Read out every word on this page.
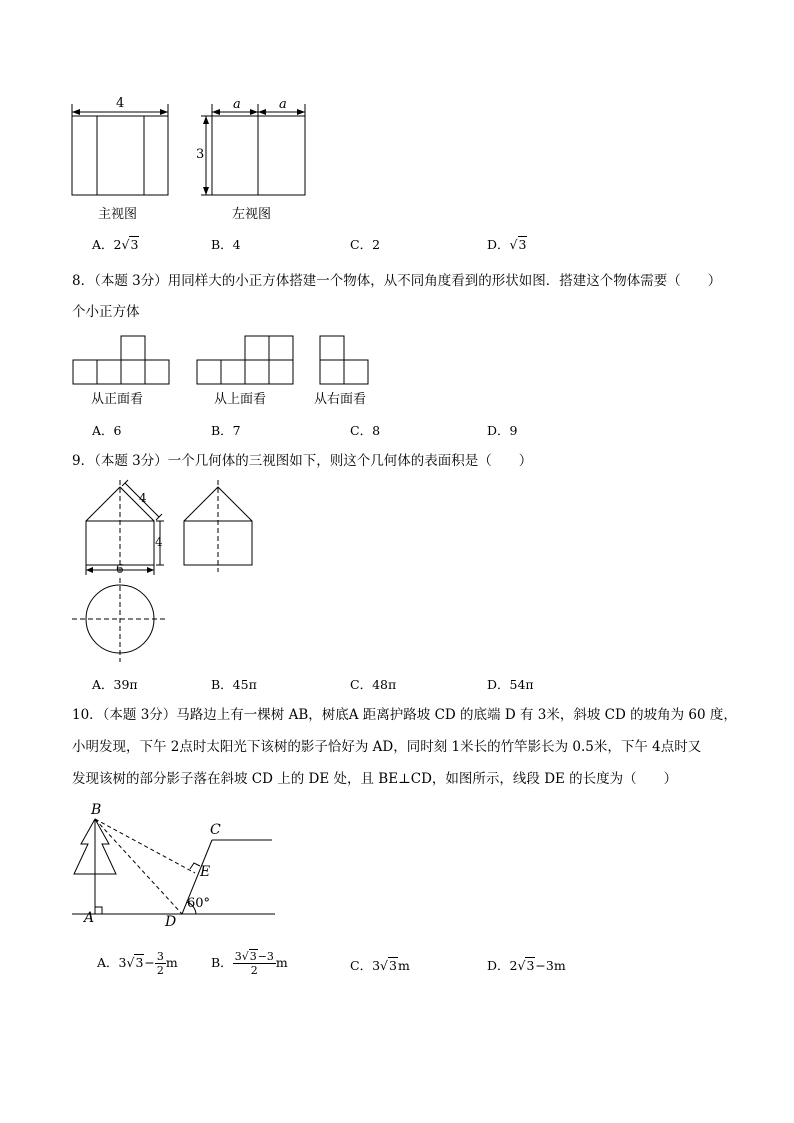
4	a	a
3
主视图	左视图
A．2√3	B．4	C．2	D．√3
8．（本题 3分）用同样大的小正方体搭建一个物体，从不同角度看到的形状如图．搭建这个物体需要（　　）
个小正方体
从正面看	从上面看	从右面看
A．6	B．7	C．8	D．9
9．（本题 3分）一个几何体的三视图如下，则这个几何体的表面积是（　　）
4
4
6
A．39π	B．45π	C．48π	D．54π
10．（本题 3分）马路边上有一棵树 AB，树底A 距离护路坡 CD 的底端 D 有 3米，斜坡 CD 的坡角为 60 度，
小明发现，下午 2点时太阳光下该树的影子恰好为 AD，同时刻 1米长的竹竿影长为 0.5米，下午 4点时又
发现该树的部分影子落在斜坡 CD 上的 DE 处，且 BE⊥CD，如图所示，线段 DE 的长度为（　　）
B
C
E
A	D
60°
A．$3√3- \frac{3}{2}$ m	B． $\frac{3√3-3}{2}$ m	C．3√3m	D．2√3−3m
